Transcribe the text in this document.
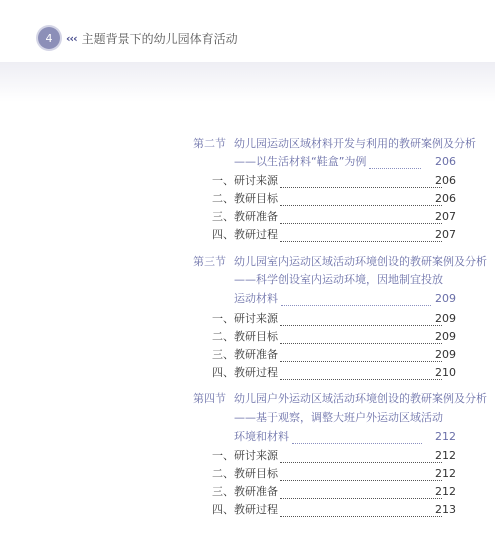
4	‹‹‹ 主题背景下的幼儿园体育活动
第二节 幼儿园运动区域材料开发与利用的教研案例及分析
——以生活材料“鞋盒”为例	206
一、研讨来源	206
二、教研目标	206
三、教研准备	207
四、教研过程	207
第三节 幼儿园室内运动区域活动环境创设的教研案例及分析
——科学创设室内运动环境，因地制宜投放
运动材料	209
一、研讨来源	209
二、教研目标	209
三、教研准备	209
四、教研过程	210
第四节 幼儿园户外运动区域活动环境创设的教研案例及分析
——基于观察，调整大班户外运动区域活动
环境和材料	212
一、研讨来源	212
二、教研目标	212
三、教研准备	212
四、教研过程	213
